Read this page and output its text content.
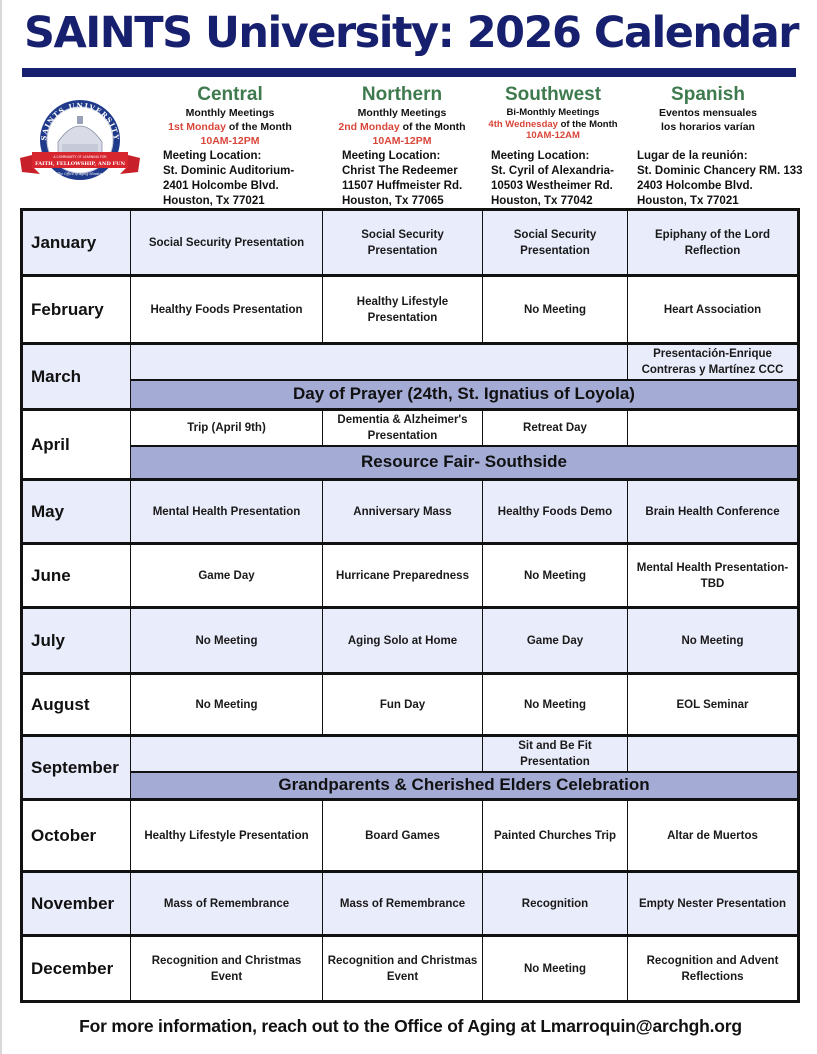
SAINTS University: 2026 Calendar
SAINTS UNIVERSITY
A COMMUNITY OF LEARNING FOR
FAITH, FELLOWSHIP, AND FUN
The Office of Aging Ministry
Central
Monthly Meetings
1st Monday of the Month
10AM-12PM
Northern
Monthly Meetings
2nd Monday of the Month
10AM-12PM
Southwest
Bi-Monthly Meetings
4th Wednesday of the Month
10AM-12AM
Spanish
Eventos mensuales
los horarios varían
Meeting Location:
St. Dominic Auditorium-
2401 Holcombe Blvd.
Houston, Tx 77021
Meeting Location:
Christ The Redeemer
11507 Huffmeister Rd.
Houston, Tx 77065
Meeting Location:
St. Cyril of Alexandria-
10503 Westheimer Rd.
Houston, Tx 77042
Lugar de la reunión:
St. Dominic Chancery RM. 133
2403 Holcombe Blvd.
Houston, Tx 77021
January	Social Security Presentation	Social Security Presentation	Social Security Presentation	Epiphany of the Lord Reflection
February	Healthy Foods Presentation	Healthy Lifestyle Presentation	No Meeting	Heart Association
March				Presentación-Enrique Contreras y Martínez CCC
	Day of Prayer (24th, St. Ignatius of Loyola)			
April	Trip (April 9th)	Dementia & Alzheimer's Presentation	Retreat Day	
	Resource Fair- Southside			
May	Mental Health Presentation	Anniversary Mass	Healthy Foods Demo	Brain Health Conference
June	Game Day	Hurricane Preparedness	No Meeting	Mental Health Presentation-TBD
July	No Meeting	Aging Solo at Home	Game Day	No Meeting
August	No Meeting	Fun Day	No Meeting	EOL Seminar
September			Sit and Be Fit Presentation	
	Grandparents & Cherished Elders Celebration			
October	Healthy Lifestyle Presentation	Board Games	Painted Churches Trip	Altar de Muertos
November	Mass of Remembrance	Mass of Remembrance	Recognition	Empty Nester Presentation
December	Recognition and Christmas Event	Recognition and Christmas Event	No Meeting	Recognition and Advent Reflections
For more information, reach out to the Office of Aging at Lmarroquin@archgh.org
